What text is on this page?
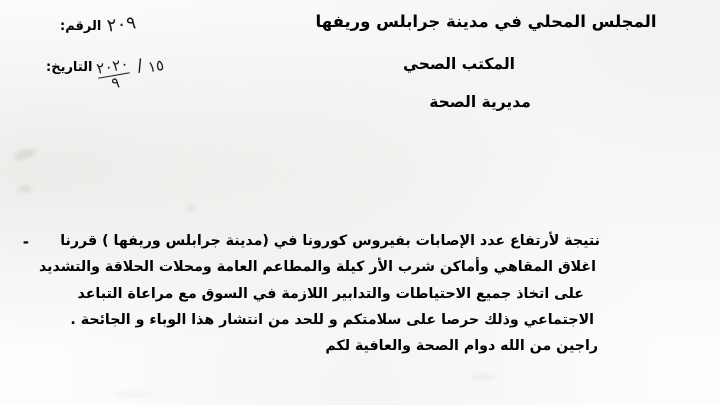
المجلس المحلي في مدينة جرابلس وريفها
المكتب الصحي
مديرية الصحة
٢٠٩
الرقم:
١٥
/
٢٠٢٠
٩
التاريخ:
نتيجة لأرتفاع عدد الإصابات بفيروس كورونا في (مدينة جرابلس وريفها ) قررنا
اغلاق المقاهي وأماكن شرب الأر كيلة والمطاعم العامة ومحلات الحلاقة والتشديد
على اتخاذ جميع الاحتياطات والتدابير اللازمة في السوق مع مراعاة التباعد
الاجتماعي وذلك حرصا على سلامتكم و للحد من انتشار هذا الوباء و الجائحة .
راجين من الله دوام الصحة والعافية لكم
-
